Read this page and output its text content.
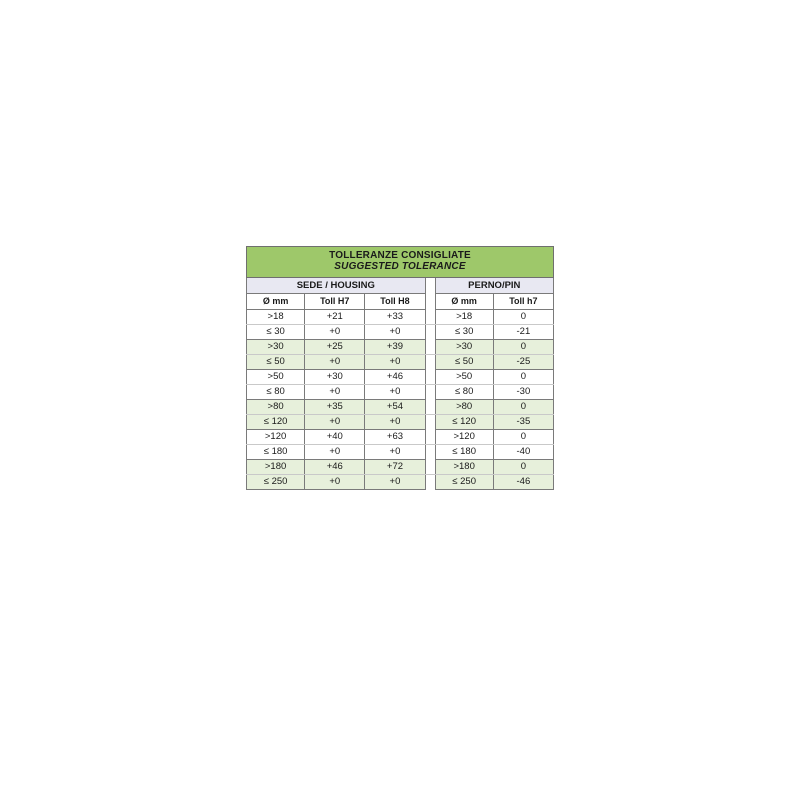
TOLLERANZE CONSIGLIATE
SUGGESTED TOLERANCE					

SEDE / HOUSING				PERNO/PIN	
Ø mm	Toll H7	Toll H8		Ø mm	Toll h7
>18	+21	+33		>18	0
≤ 30	+0	+0		≤ 30	-21
>30	+25	+39		>30	0
≤ 50	+0	+0		≤ 50	-25
>50	+30	+46		>50	0
≤ 80	+0	+0		≤ 80	-30
>80	+35	+54		>80	0
≤ 120	+0	+0		≤ 120	-35
>120	+40	+63		>120	0
≤ 180	+0	+0		≤ 180	-40
>180	+46	+72		>180	0
≤ 250	+0	+0		≤ 250	-46
